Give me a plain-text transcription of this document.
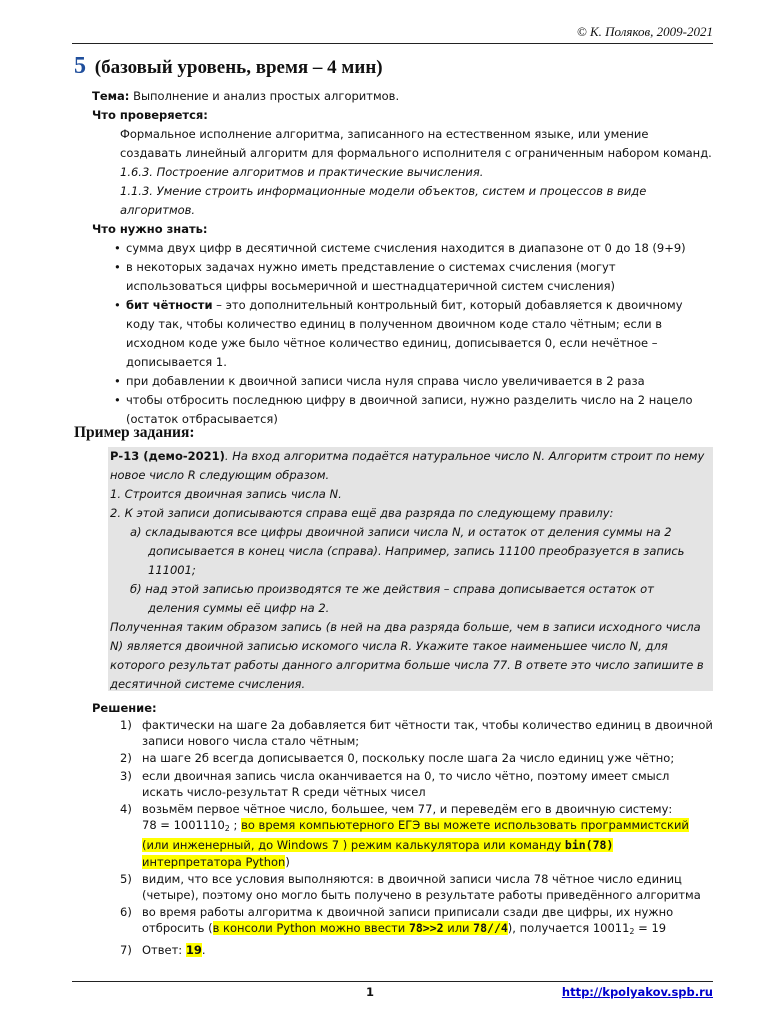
© К. Поляков, 2009-2021
5 (базовый уровень, время – 4 мин)
Тема: Выполнение и анализ простых алгоритмов.
Что проверяется:
Формальное исполнение алгоритма, записанного на естественном языке, или умение создавать линейный алгоритм для формального исполнителя с ограниченным набором команд.
1.6.3. Построение алгоритмов и практические вычисления.
1.1.3. Умение строить информационные модели объектов, систем и процессов в виде алгоритмов.
Что нужно знать:
• сумма двух цифр в десятичной системе счисления находится в диапазоне от 0 до 18 (9+9)
• в некоторых задачах нужно иметь представление о системах счисления (могут использоваться цифры восьмеричной и шестнадцатеричной систем счисления)
• бит чётности – это дополнительный контрольный бит, который добавляется к двоичному коду так, чтобы количество единиц в полученном двоичном коде стало чётным; если в исходном коде уже было чётное количество единиц, дописывается 0, если нечётное – дописывается 1.
• при добавлении к двоичной записи числа нуля справа число увеличивается в 2 раза
• чтобы отбросить последнюю цифру в двоичной записи, нужно разделить число на 2 нацело (остаток отбрасывается)
Пример задания:
Р-13 (демо-2021). На вход алгоритма подаётся натуральное число N. Алгоритм строит по нему новое число R следующим образом.
1. Строится двоичная запись числа N.
2. К этой записи дописываются справа ещё два разряда по следующему правилу:
а) складываются все цифры двоичной записи числа N, и остаток от деления суммы на 2
дописывается в конец числа (справа). Например, запись 11100 преобразуется в запись 111001;
б) над этой записью производятся те же действия – справа дописывается остаток от
деления суммы её цифр на 2.
Полученная таким образом запись (в ней на два разряда больше, чем в записи исходного числа N) является двоичной записью искомого числа R. Укажите такое наименьшее число N, для которого результат работы данного алгоритма больше числа 77. В ответе это число запишите в десятичной системе счисления.
Решение:
1) фактически на шаге 2а добавляется бит чётности так, чтобы количество единиц в двоичной записи нового числа стало чётным;
2) на шаге 2б всегда дописывается 0, поскольку после шага 2а число единиц уже чётно;
3) если двоичная запись числа оканчивается на 0, то число чётно, поэтому имеет смысл искать число-результат R среди чётных чисел
4) возьмём первое чётное число, большее, чем 77, и переведём его в двоичную систему:
78 = 10011102 ; во время компьютерного ЕГЭ вы можете использовать программистский (или инженерный, до Windows 7 ) режим калькулятора или команду bin(78) интерпретатора Python)
5) видим, что все условия выполняются: в двоичной записи числа 78 чётное число единиц (четыре), поэтому оно могло быть получено в результате работы приведённого алгоритма
6) во время работы алгоритма к двоичной записи приписали сзади две цифры, их нужно отбросить (в консоли Python можно ввести 78>>2 или 78//4), получается 100112 = 19
7) Ответ: 19.
1	http://kpolyakov.spb.ru
